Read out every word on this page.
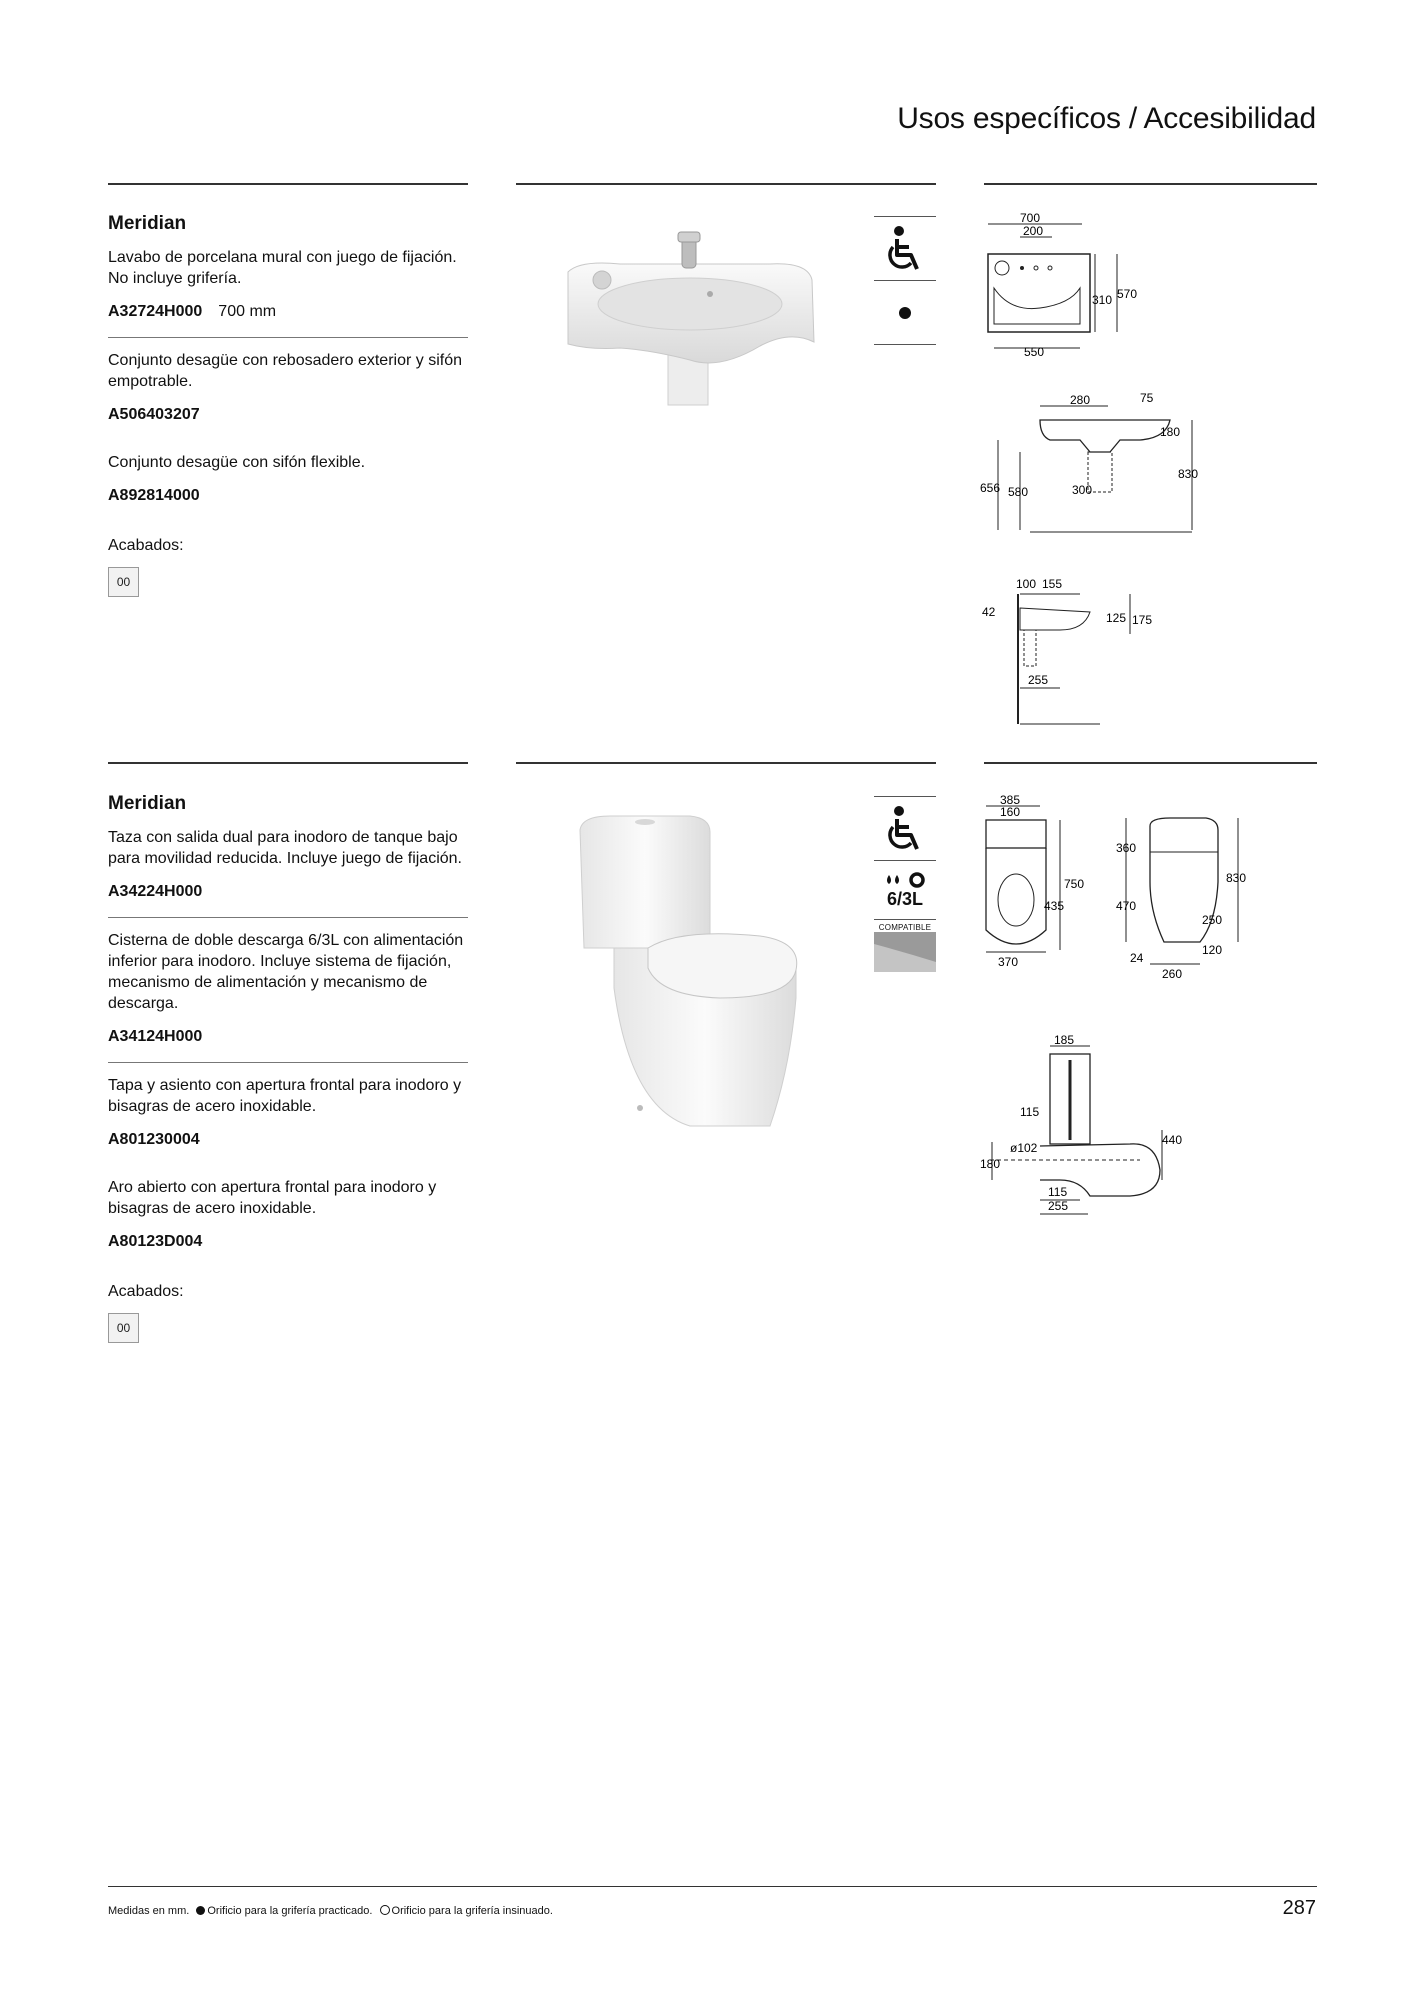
Usos específicos / Accesibilidad
Meridian

Lavabo de porcelana mural con juego de fijación. No incluye grifería.

A32724H000 700 mm

Conjunto desagüe con rebosadero exterior y sifón empotrable.

A506403207

Conjunto desagüe con sifón flexible.

A892814000
Acabados:
00
700
200
310 570
550
280	75
180
656 580	300
830
100 155
42	125 175
255
Meridian

Taza con salida dual para inodoro de tanque bajo para movilidad reducida. Incluye juego de fijación.

A34224H000

Cisterna de doble descarga 6/3L con alimentación inferior para inodoro. Incluye sistema de fijación, mecanismo de alimentación y mecanismo de descarga.

A34124H000

Tapa y asiento con apertura frontal para inodoro y bisagras de acero inoxidable.

A801230004

Aro abierto con apertura frontal para inodoro y bisagras de acero inoxidable.

A80123D004
Acabados:
00
6/3L
COMPATIBLE
385
160
750
435
370
360
470
830
250
24
120
260
185
115
ø102
180
440
115
255
Medidas en mm. Orificio para la grifería practicado. Orificio para la grifería insinuado.	287
